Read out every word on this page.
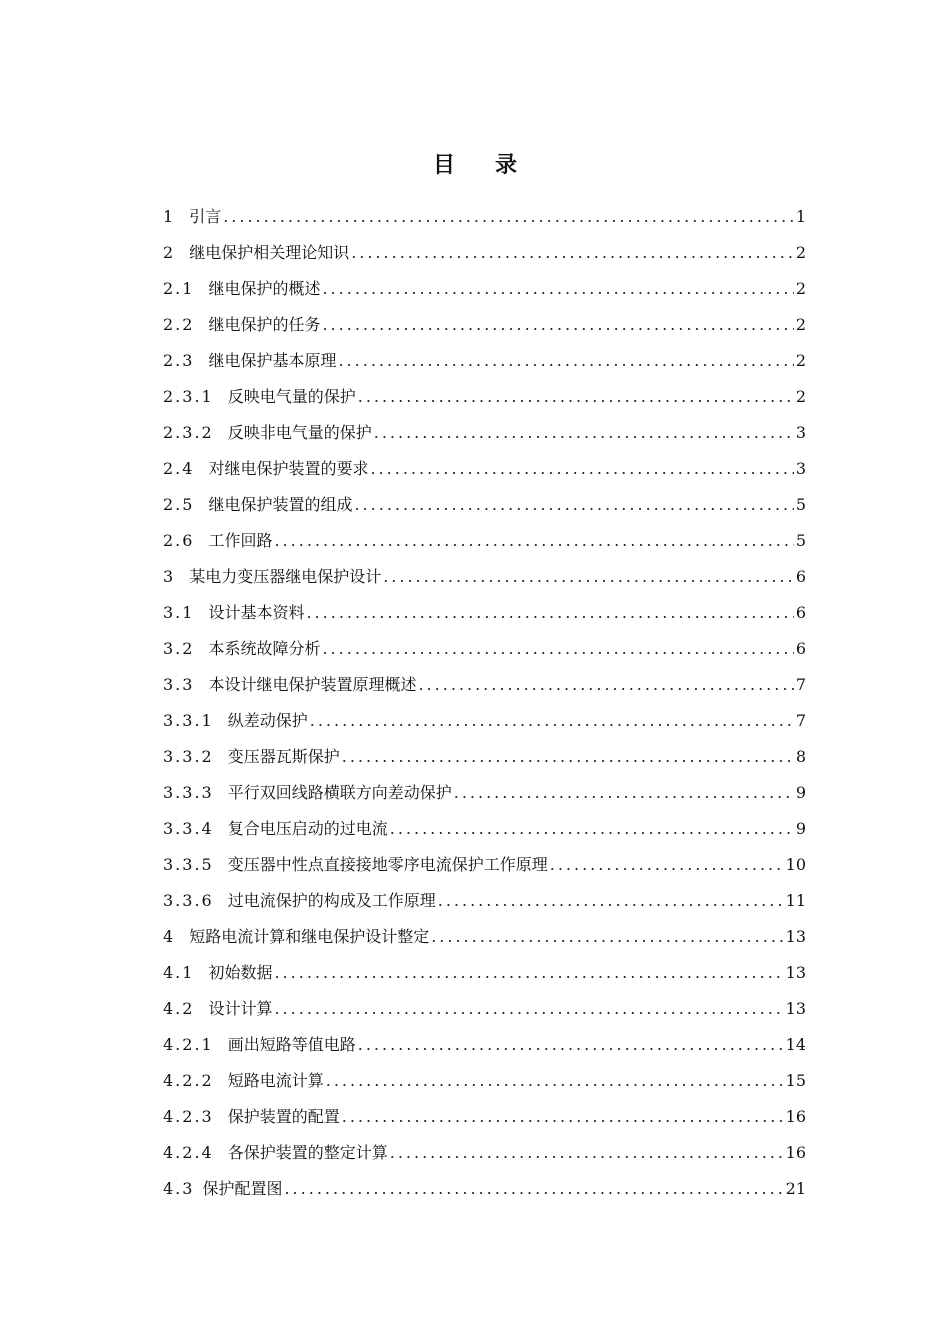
目 录
1 引言 .....	1
2 继电保护相关理论知识 .....	2
2.1 继电保护的概述 .....	2
2.2 继电保护的任务 .....	2
2.3 继电保护基本原理 .....	2
2.3.1 反映电气量的保护 .....	2
2.3.2 反映非电气量的保护 .....	3
2.4 对继电保护装置的要求 .....	3
2.5 继电保护装置的组成 .....	5
2.6 工作回路 .....	5
3 某电力变压器继电保护设计 .....	6
3.1 设计基本资料 .....	6
3.2 本系统故障分析 .....	6
3.3 本设计继电保护装置原理概述 .....	7
3.3.1 纵差动保护 .....	7
3.3.2 变压器瓦斯保护 .....	8
3.3.3 平行双回线路横联方向差动保护 .....	9
3.3.4 复合电压启动的过电流 .....	9
3.3.5 变压器中性点直接接地零序电流保护工作原理 .....	10
3.3.6 过电流保护的构成及工作原理 .....	11
4 短路电流计算和继电保护设计整定 .....	13
4.1 初始数据 .....	13
4.2 设计计算 .....	13
4.2.1 画出短路等值电路 .....	14
4.2.2 短路电流计算 .....	15
4.2.3 保护装置的配置 .....	16
4.2.4 各保护装置的整定计算 .....	16
4.3 保护配置图 .....	21
